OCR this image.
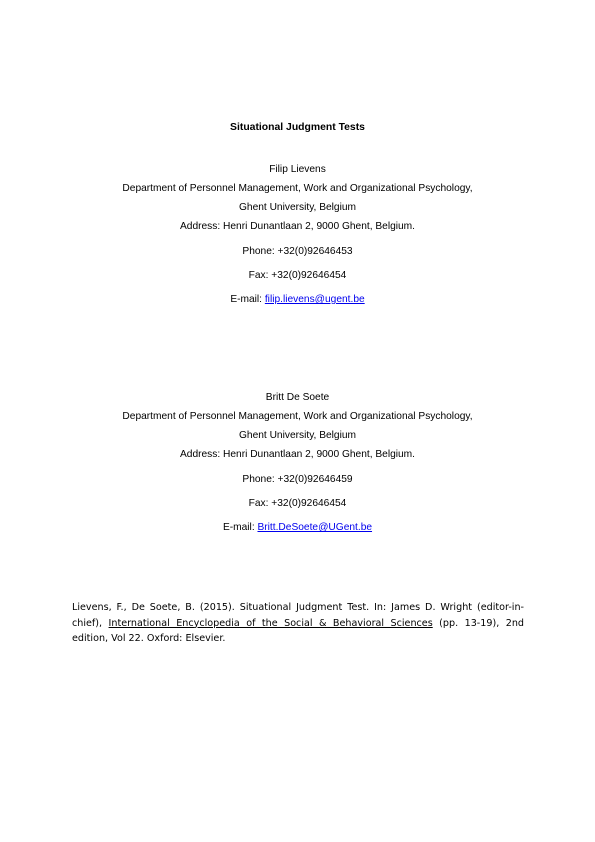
Situational Judgment Tests
Filip Lievens
Department of Personnel Management, Work and Organizational Psychology,
Ghent University, Belgium
Address: Henri Dunantlaan 2, 9000 Ghent, Belgium.
Phone: +32(0)92646453
Fax: +32(0)92646454
E-mail: filip.lievens@ugent.be
Britt De Soete
Department of Personnel Management, Work and Organizational Psychology,
Ghent University, Belgium
Address: Henri Dunantlaan 2, 9000 Ghent, Belgium.
Phone: +32(0)92646459
Fax: +32(0)92646454
E-mail: Britt.DeSoete@UGent.be
Lievens, F., De Soete, B. (2015). Situational Judgment Test. In: James D. Wright (editor-in-chief), International Encyclopedia of the Social & Behavioral Sciences (pp. 13-19), 2nd edition, Vol 22. Oxford: Elsevier.
